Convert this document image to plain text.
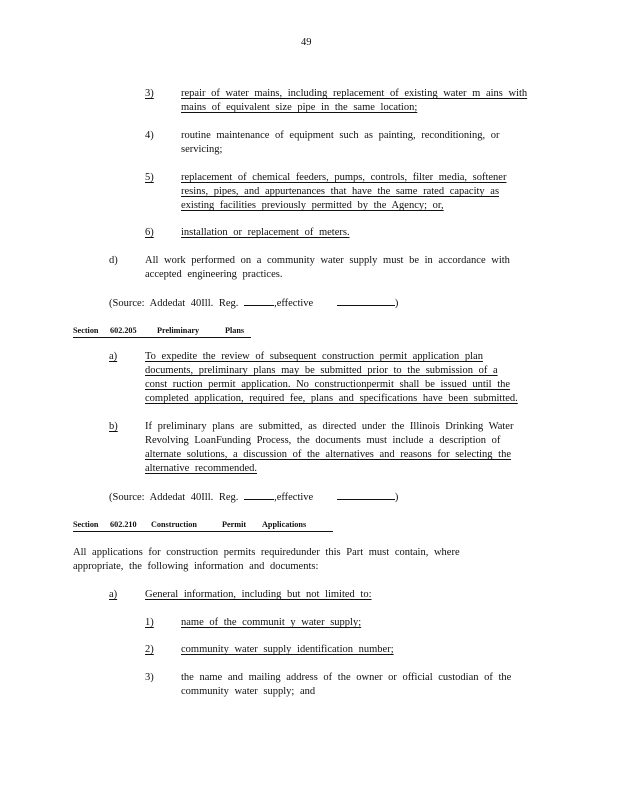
49
3)	repair of water mains, including replacement of existing water m ains with
mains of equivalent size pipe in the same location;
4)	routine maintenance of equipment such as painting, reconditioning, or
servicing;
5)	replacement of chemical feeders, pumps, controls, filter media, softener
resins, pipes, and appurtenances that have the same rated capacity as
existing facilities previously permitted by the Agency; or,
6)	installation or replacement of meters.
d)	All work performed on a community water supply must be in accordance with
accepted engineering practices.
(Source: Addedat 40Ill. Reg.	,effective	)
Section 602.205 Preliminary	Plans
a)	To expedite the review of subsequent construction permit application plan
documents, preliminary plans may be submitted prior to the submission of a
const ruction permit application. No constructionpermit shall be issued until the
completed application, required fee, plans and specifications have been submitted.
b)	If preliminary plans are submitted, as directed under the Illinois Drinking Water
Revolving LoanFunding Process, the documents must include a description of
alternate solutions, a discussion of the alternatives and reasons for selecting the
alternative recommended.
(Source: Addedat 40Ill. Reg.	,effective	)
Section 602.210 Construction	Permit Applications
All applications for construction permits requiredunder this Part must contain, where
appropriate, the following information and documents:
a)	General information, including but not limited to:
1)	name of the communit y water supply;
2)	community water supply identification number;
3)	the name and mailing address of the owner or official custodian of the
community water supply; and
